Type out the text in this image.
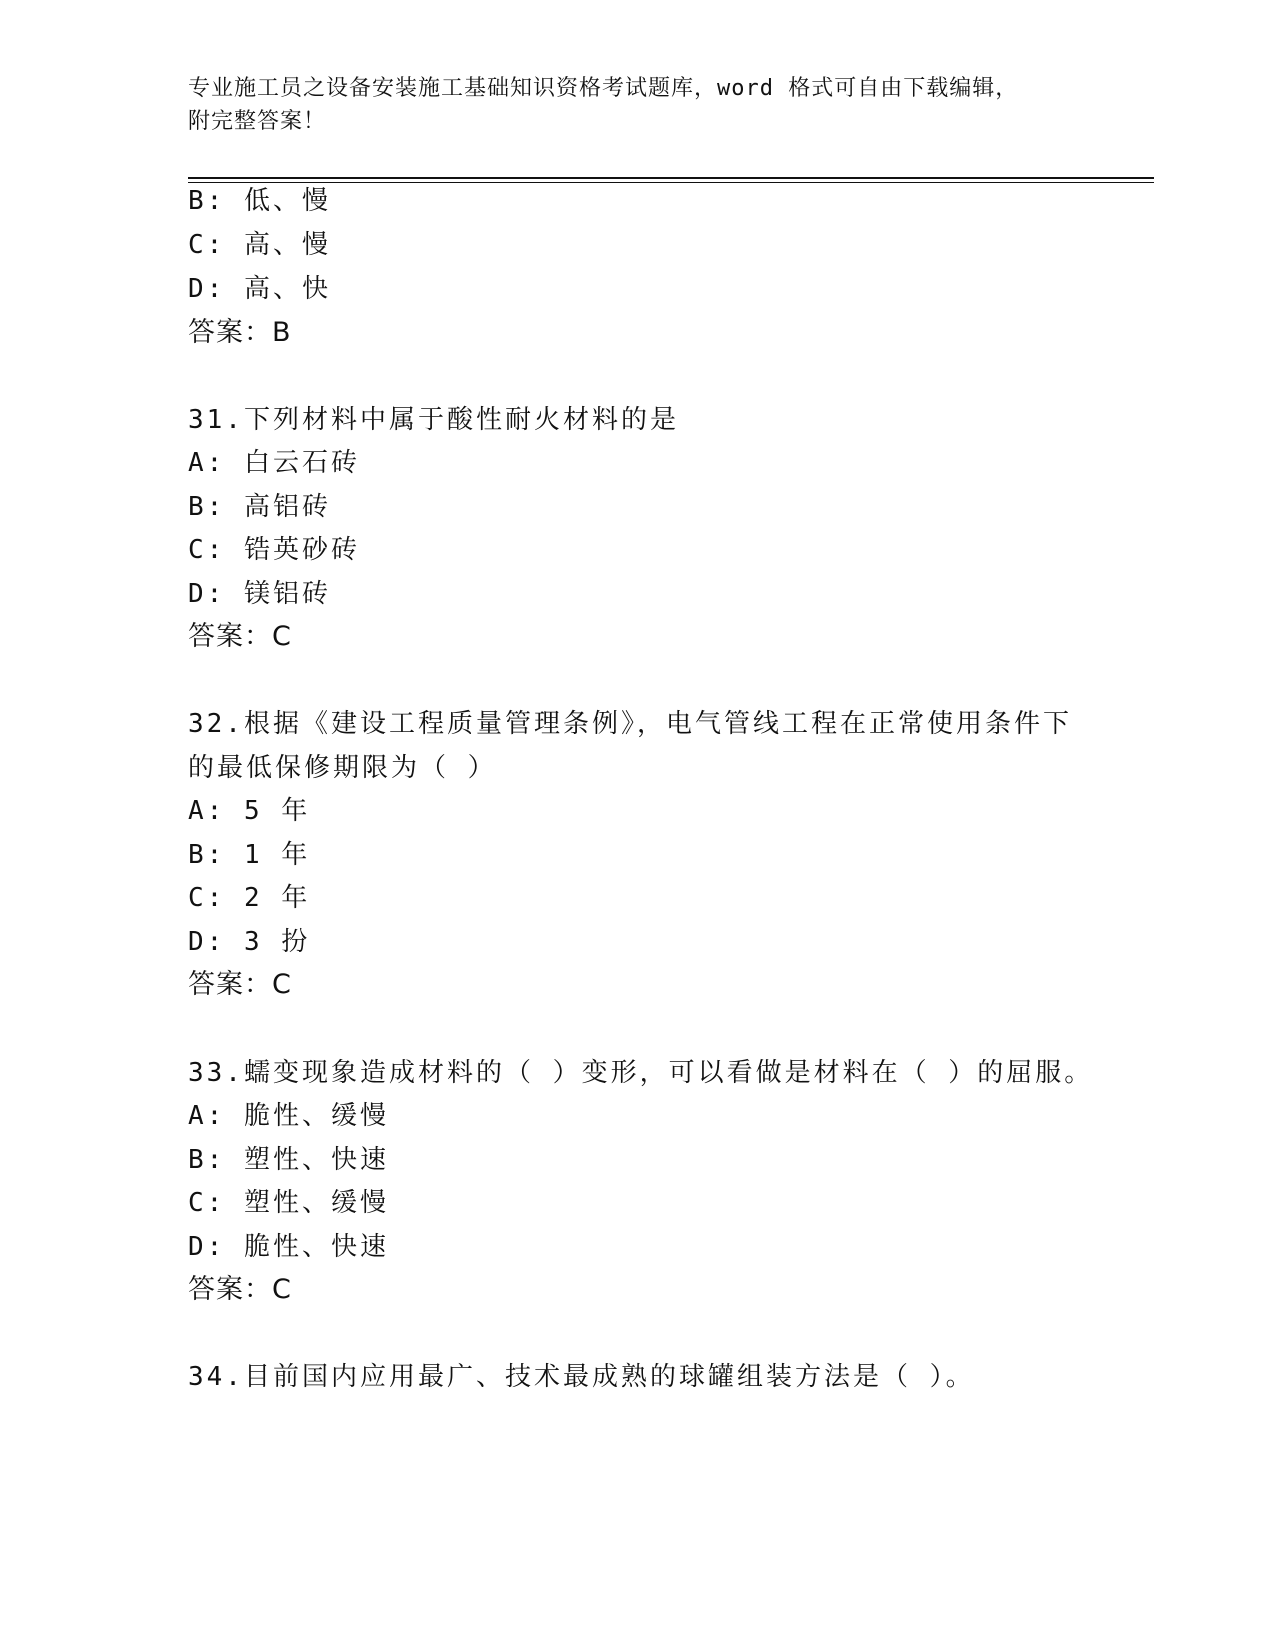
专业施工员之设备安装施工基础知识资格考试题库，word 格式可自由下载编辑，
附完整答案！
B: 低、慢
C: 高、慢
D: 高、快
答案：B
31.下列材料中属于酸性耐火材料的是
A: 白云石砖
B: 高铝砖
C: 锆英砂砖
D: 镁铝砖
答案：C
32.根据《建设工程质量管理条例》，电气管线工程在正常使用条件下
的最低保修期限为（ ）
A: 5 年
B: 1 年
C: 2 年
D: 3 扮
答案：C
33.蠕变现象造成材料的（ ）变形，可以看做是材料在（ ）的屈服。
A: 脆性、缓慢
B: 塑性、快速
C: 塑性、缓慢
D: 脆性、快速
答案：C
34.目前国内应用最广、技术最成熟的球罐组装方法是（ ）。
